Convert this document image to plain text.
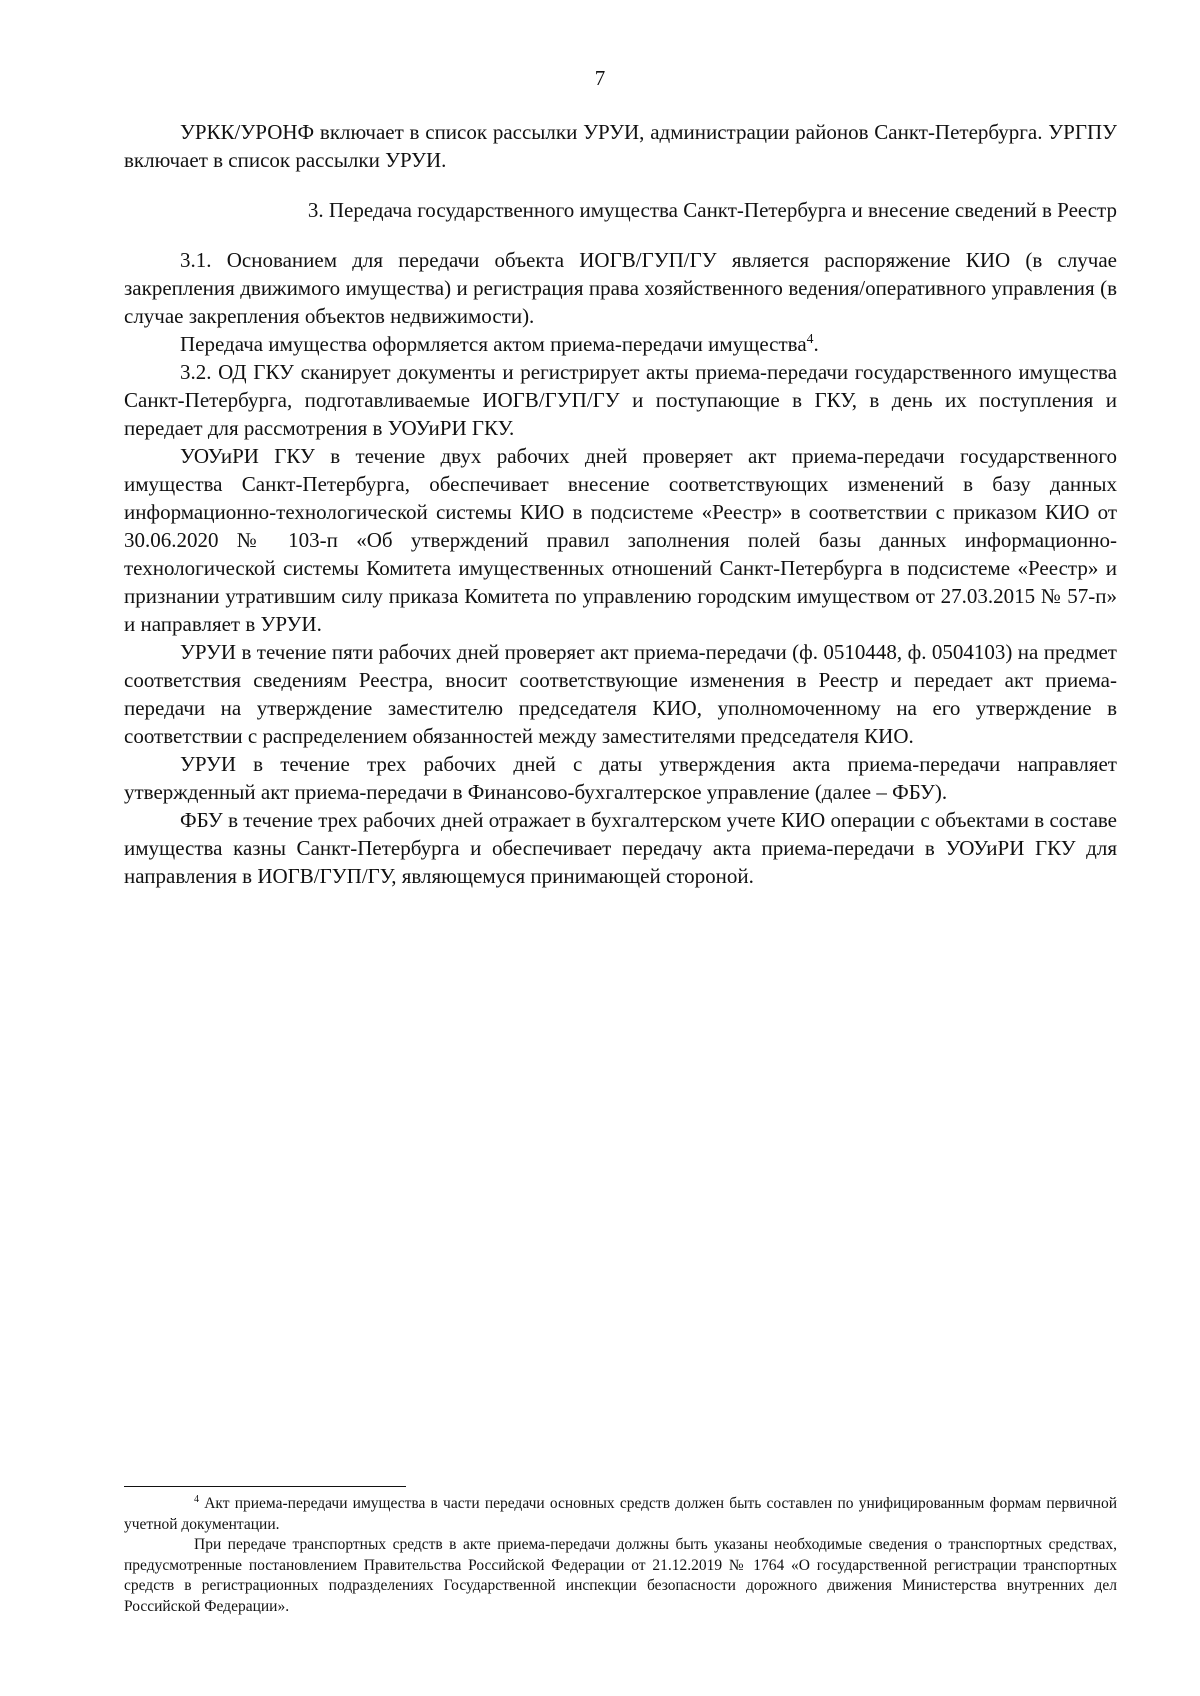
7

УРКК/УРОНФ включает в список рассылки УРУИ, администрации районов Санкт-Петербурга. УРГПУ включает в список рассылки УРУИ.

3. Передача государственного имущества Санкт-Петербурга и внесение сведений в Реестр

3.1. Основанием для передачи объекта ИОГВ/ГУП/ГУ является распоряжение КИО (в случае закрепления движимого имущества) и регистрация права хозяйственного ведения/оперативного управления (в случае закрепления объектов недвижимости).

Передача имущества оформляется актом приема-передачи имущества$^4$.

3.2. ОД ГКУ сканирует документы и регистрирует акты приема-передачи государственного имущества Санкт-Петербурга, подготавливаемые ИОГВ/ГУП/ГУ и поступающие в ГКУ, в день их поступления и передает для рассмотрения в УОУиРИ ГКУ.

УОУиРИ ГКУ в течение двух рабочих дней проверяет акт приема-передачи государственного имущества Санкт-Петербурга, обеспечивает внесение соответствующих изменений в базу данных информационно-технологической системы КИО в подсистеме «Реестр» в соответствии с приказом КИО от 30.06.2020 № 103-п «Об утверждений правил заполнения полей базы данных информационно-технологической системы Комитета имущественных отношений Санкт-Петербурга в подсистеме «Реестр» и признании утратившим силу приказа Комитета по управлению городским имуществом от 27.03.2015 № 57-п» и направляет в УРУИ.

УРУИ в течение пяти рабочих дней проверяет акт приема-передачи (ф. 0510448, ф. 0504103) на предмет соответствия сведениям Реестра, вносит соответствующие изменения в Реестр и передает акт приема-передачи на утверждение заместителю председателя КИО, уполномоченному на его утверждение в соответствии с распределением обязанностей между заместителями председателя КИО.

УРУИ в течение трех рабочих дней с даты утверждения акта приема-передачи направляет утвержденный акт приема-передачи в Финансово-бухгалтерское управление (далее – ФБУ).

ФБУ в течение трех рабочих дней отражает в бухгалтерском учете КИО операции с объектами в составе имущества казны Санкт-Петербурга и обеспечивает передачу акта приема-передачи в УОУиРИ ГКУ для направления в ИОГВ/ГУП/ГУ, являющемуся принимающей стороной.

$^4$ Акт приема-передачи имущества в части передачи основных средств должен быть составлен по унифицированным формам первичной учетной документации.

При передаче транспортных средств в акте приема-передачи должны быть указаны необходимые сведения о транспортных средствах, предусмотренные постановлением Правительства Российской Федерации от 21.12.2019 № 1764 «О государственной регистрации транспортных средств в регистрационных подразделениях Государственной инспекции безопасности дорожного движения Министерства внутренних дел Российской Федерации».
